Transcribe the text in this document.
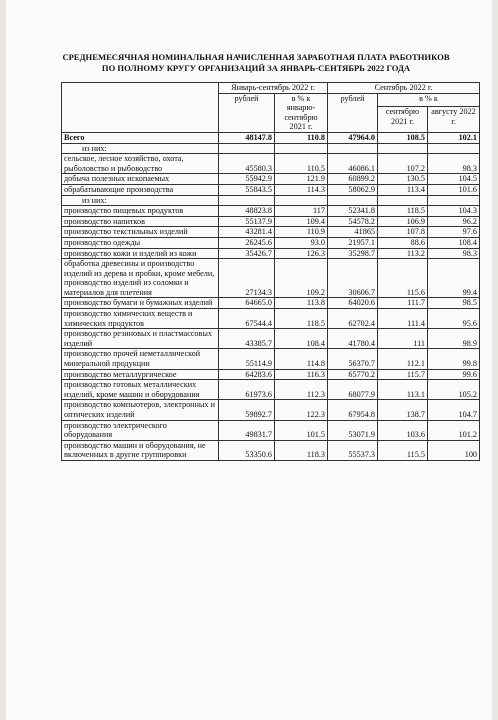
СРЕДНЕМЕСЯЧНАЯ НОМИНАЛЬНАЯ НАЧИСЛЕННАЯ ЗАРАБОТНАЯ ПЛАТА РАБОТНИКОВ
ПО ПОЛНОМУ КРУГУ ОРГАНИЗАЦИЙ ЗА ЯНВАРЬ-СЕНТЯБРЬ 2022 ГОДА
	Январь-сентябрь 2022 г.		Сентябрь 2022 г.		
	рублей	в % к январю-сентябрю 2021 г.	рублей	в % к	
				сентябрю 2021 г.	августу 2022 г.
Всего	48147.8	110.8	47964.0	108.5	102.1
из них:					
сельское, лесное хозяйство, охота, рыболовство и рыбоводство	45580.3	110.5	46086.1	107.2	98.3
добыча полезных ископаемых	55942.9	121.9	60899.2	130.5	104.5
обрабатывающие производства	55843.5	114.3	58062.9	113.4	101.6
из них:					
производство пищевых продуктов	48823.8	117	52341.8	118.5	104.3
производство напитков	55137.9	109.4	54578.2	106.9	96.2
производство текстильных изделий	43281.4	110.9	41865	107.8	97.6
производство одежды	26245.6	93.0	21957.1	88.6	108.4
производство кожи и изделий из кожи	35426.7	126.3	35298.7	113.2	98.3
обработка древесины и производство изделий из дерева и пробки, кроме мебели, производство изделий из соломки и материалов для плетения	27134.3	109.2	30606.7	115.6	99.4
производство бумаги и бумажных изделий	64665.0	113.8	64020.6	111.7	98.5
производство химических веществ и химических продуктов	67544.4	118.5	62702.4	111.4	95.6
производство резиновых и пластмассовых изделий	43385.7	108.4	41780.4	111	98.9
производство прочей неметаллической минеральной продукции	55114.9	114.8	56370.7	112.1	99.8
производство металлургическое	64283.6	116.3	65770.2	115.7	99.6
производство готовых металлических изделий, кроме машин и оборудования	61973.6	112.3	68077.9	113.1	105.2
производство компьютеров, электронных и оптических изделий	59892.7	122.3	67954.8	138.7	104.7
производство электрического оборудования	49831.7	101.5	53071.9	103.6	101.2
производство машин и оборудования, не включенных в другие группировки	53350.6	118.3	55537.3	115.5	100
